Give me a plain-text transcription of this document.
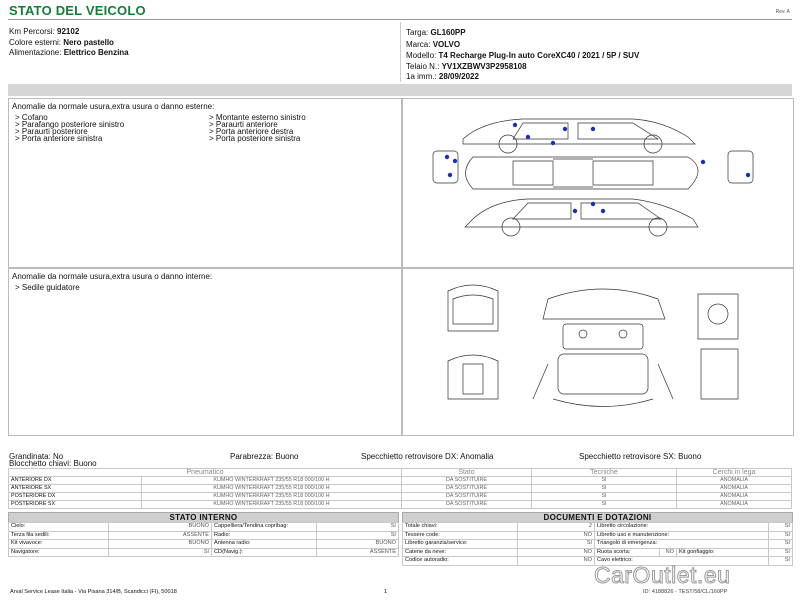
STATO DEL VEICOLO	Rev. A
Km Percorsi: 92102
Colore esterni: Nero pastello
Alimentazione: Elettrico Benzina
Targa: GL160PP
Marca: VOLVO
Modello: T4 Recharge Plug-In auto CoreXC40 / 2021 / 5P / SUV
Telaio N.: YV1XZBWV3P2958108
1a imm.: 28/09/2022
Anomalie da normale usura,extra usura o danno esterne:
> Cofano
> Parafango posteriore sinistro
> Paraurti posteriore
> Porta anteriore sinistra
> Montante esterno sinistro
> Paraurti anteriore
> Porta anteriore destra
> Porta posteriore sinistra
Anomalie da normale usura,extra usura o danno interne:
> Sedile guidatore
Grandinata: No	Parabrezza: Buono	Specchietto retrovisore DX: Anomalia	Specchietto retrovisore SX: Buono
Blocchetto chiavi: Buono
Pneumatico		Stato	Tecniche	Cerchi in lega
ANTERIORE DX	KUMHO WINTERKRAFT 235/55 R18 000/100 H	DA SOSTITUIRE	SI	ANOMALIA
ANTERIORE SX	KUMHO WINTERKRAFT 235/55 R18 000/100 H	DA SOSTITUIRE	SI	ANOMALIA
POSTERIORE DX	KUMHO WINTERKRAFT 235/55 R18 000/100 H	DA SOSTITUIRE	SI	ANOMALIA
POSTERIORE SX	KUMHO WINTERKRAFT 235/55 R18 000/100 H	DA SOSTITUIRE	SI	ANOMALIA
STATO INTERNO
Cielo:	BUONO	Cappelliera/Tendina copribag:	SI
Terza fila sedili:	ASSENTE	Radio:	SI
Kit vivavoce:	BUONO	Antenna radio:	BUONO
Navigatore:	SI	CD(Navig.):	ASSENTE
DOCUMENTI E DOTAZIONI
Totale chiavi:	2	Libretto circolazione:			SI
Tessere code:	NO	Libretto uso e manutenzione:			SI
Libretto garanzia/service:	SI	Triangolo di emergenza:			SI
Catene da neve:	NO	Ruota scorta:	NO	Kit gonfiaggio:	SI
Codice autoradio:	NO	Cavo elettrico:			SI
Arval Service Lease Italia - Via Pisana 314/B, Scandicci (FI), 50018	1	ID: 4188826 - TEST/58/CL/160PP
CarOutlet.eu
